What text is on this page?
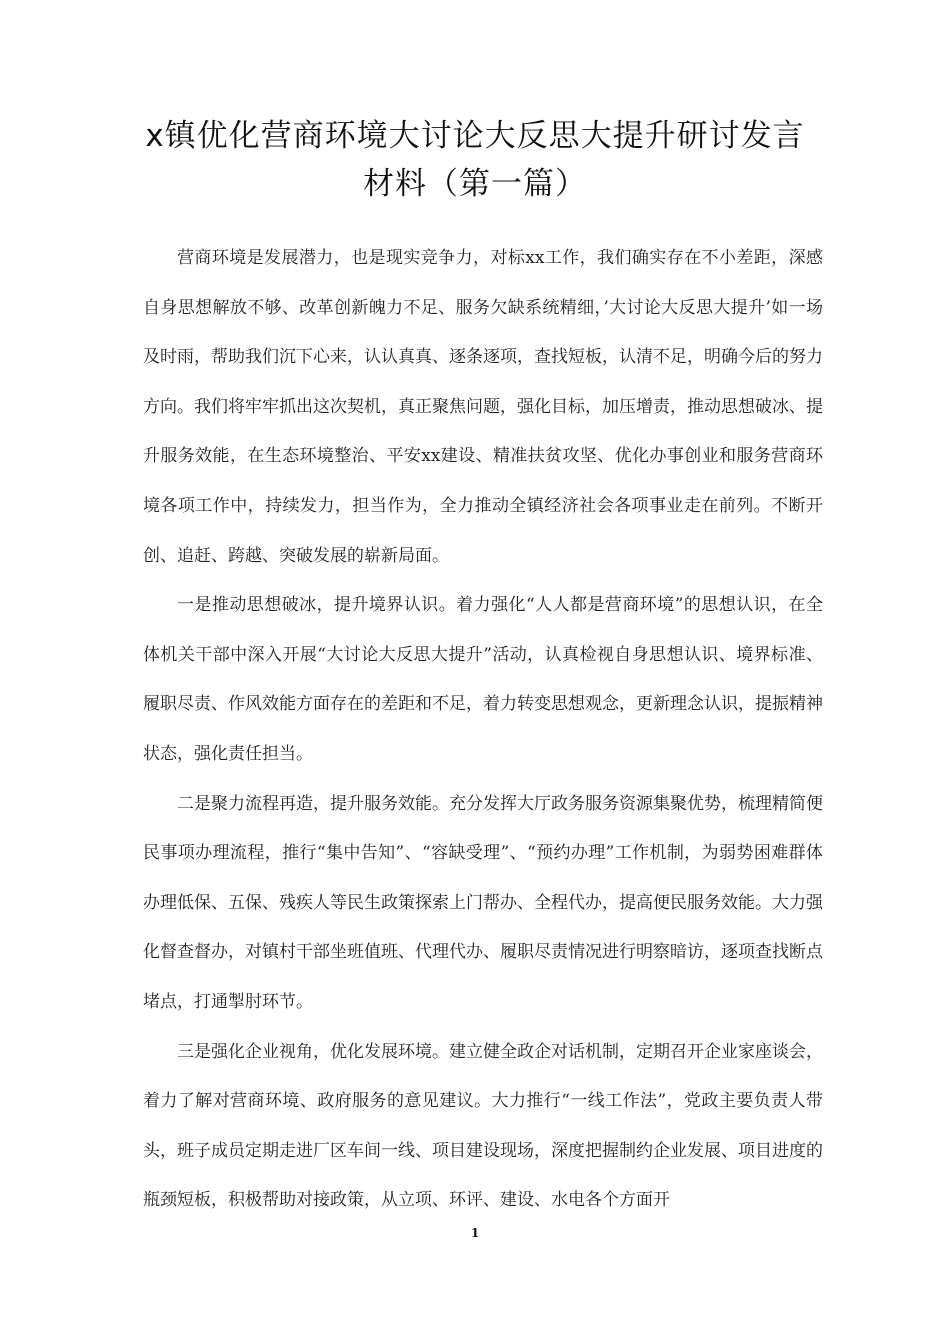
x镇优化营商环境大讨论大反思大提升研讨发言
材料（第一篇）

营商环境是发展潜力，也是现实竞争力，对标xx工作，我们确实存在不小差距，深感自身思想解放不够、改革创新魄力不足、服务欠缺系统精细，’大讨论大反思大提升’如一场及时雨，帮助我们沉下心来，认认真真、逐条逐项，查找短板，认清不足，明确今后的努力方向。我们将牢牢抓出这次契机，真正聚焦问题，强化目标，加压增责，推动思想破冰、提升服务效能，在生态环境整治、平安xx建设、精准扶贫攻坚、优化办事创业和服务营商环境各项工作中，持续发力，担当作为，全力推动全镇经济社会各项事业走在前列。不断开创、追赶、跨越、突破发展的崭新局面。

一是推动思想破冰，提升境界认识。着力强化“人人都是营商环境”的思想认识，在全体机关干部中深入开展“大讨论大反思大提升”活动，认真检视自身思想认识、境界标准、履职尽责、作风效能方面存在的差距和不足，着力转变思想观念，更新理念认识，提振精神状态，强化责任担当。

二是聚力流程再造，提升服务效能。充分发挥大厅政务服务资源集聚优势，梳理精简便民事项办理流程，推行“集中告知”、“容缺受理”、“预约办理”工作机制，为弱势困难群体办理低保、五保、残疾人等民生政策探索上门帮办、全程代办，提高便民服务效能。大力强化督查督办，对镇村干部坐班值班、代理代办、履职尽责情况进行明察暗访，逐项查找断点堵点，打通掣肘环节。

三是强化企业视角，优化发展环境。建立健全政企对话机制，定期召开企业家座谈会，着力了解对营商环境、政府服务的意见建议。大力推行“一线工作法”，党政主要负责人带头，班子成员定期走进厂区车间一线、项目建设现场，深度把握制约企业发展、项目进度的瓶颈短板，积极帮助对接政策，从立项、环评、建设、水电各个方面开

1
